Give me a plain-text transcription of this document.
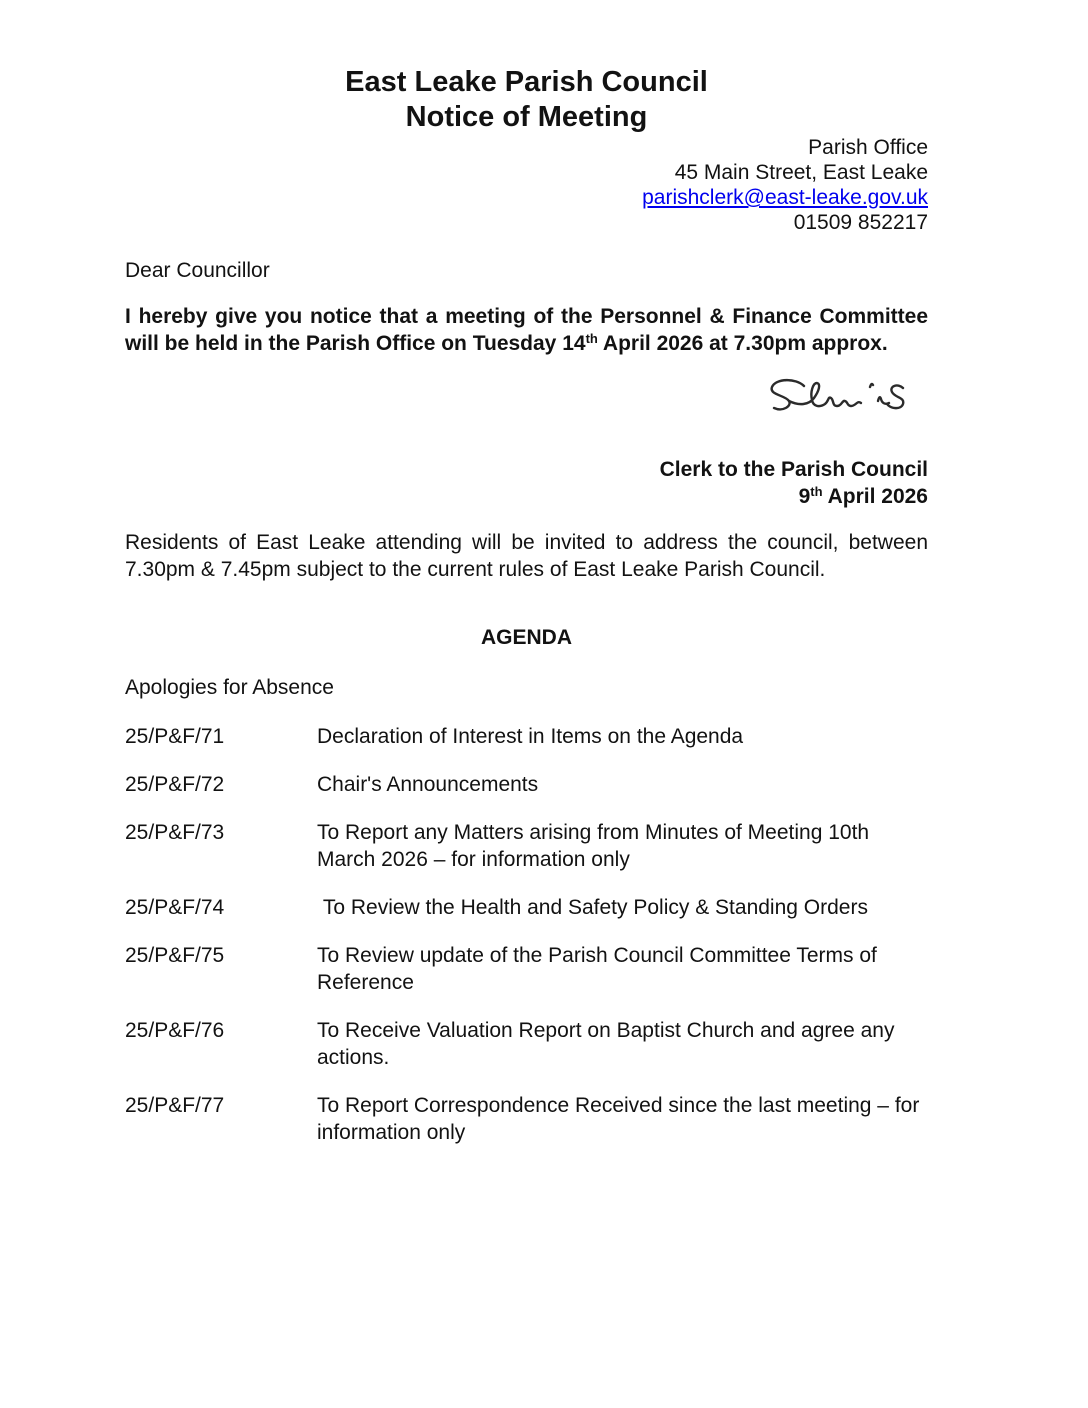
East Leake Parish Council
Notice of Meeting
Parish Office
45 Main Street, East Leake
parishclerk@east-leake.gov.uk
01509 852217

Dear Councillor

I hereby give you notice that a meeting of the Personnel & Finance Committee will be held in the Parish Office on Tuesday 14th April 2026 at 7.30pm approx.

Clerk to the Parish Council
9th April 2026

Residents of East Leake attending will be invited to address the council, between 7.30pm & 7.45pm subject to the current rules of East Leake Parish Council.

AGENDA

Apologies for Absence

25/P&F/71	Declaration of Interest in Items on the Agenda
25/P&F/72	Chair's Announcements
25/P&F/73	To Report any Matters arising from Minutes of Meeting 10th March 2026 – for information only
25/P&F/74	To Review the Health and Safety Policy & Standing Orders
25/P&F/75	To Review update of the Parish Council Committee Terms of Reference
25/P&F/76	To Receive Valuation Report on Baptist Church and agree any actions.
25/P&F/77	To Report Correspondence Received since the last meeting – for information only
